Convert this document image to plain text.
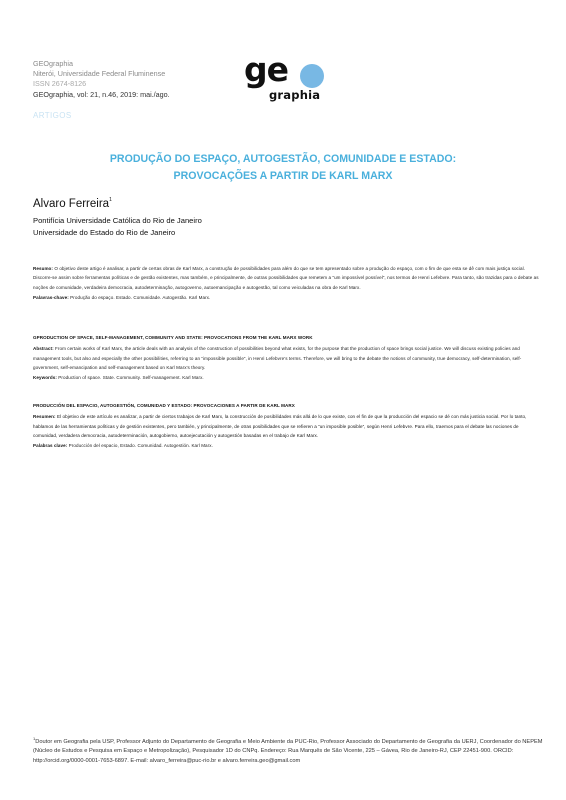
GEOgraphia
Niterói, Universidade Federal Fluminense
ISSN 2674-8126
GEOgraphia, vol: 21, n.46, 2019: mai./ago.
ARTIGOS
ge
graphia
PRODUÇÃO DO ESPAÇO, AUTOGESTÃO, COMUNIDADE E ESTADO:
PROVOCAÇÕES A PARTIR DE KARL MARX
Alvaro Ferreira$^1$
Pontifícia Universidade Católica do Rio de Janeiro
Universidade do Estado do Rio de Janeiro

Resumo: O objetivo deste artigo é analisar, a partir de certas obras de Karl Marx, a construção de possibilidades para além do que se tem apresentado sobre a produção do espaço, com o fim de que esta se dê com mais justiça social. Discorre-se assim sobre ferramentas políticas e de gestão existentes, mas também, e principalmente, de outras possibilidades que remetem a “um impossível possível”, nos termos de Henri Lefebvre. Para tanto, são trazidas para o debate as noções de comunidade, verdadeira democracia, autodeterminação, autogoverno, autoemancipação e autogestão, tal como veiculadas na obra de Karl Marx.

Palavras-chave: Produção do espaço. Estado. Comunidade. Autogestão. Karl Marx.

GPRODUCTION OF SPACE, SELF-MANAGEMENT, COMMUNITY AND STATE: PROVOCATIONS FROM THE KARL MARX WORK

Abstract: From certain works of Karl Marx, the article deals with an analysis of the construction of possibilities beyond what exists, for the purpose that the production of space brings social justice. We will discuss existing policies and management tools, but also and especially the other possibilities, referring to an “impossible possible”, in Henri Lefebvre’s terms. Therefore, we will bring to the debate the notions of community, true democracy, self-determination, self-government, self-emancipation and self-management based on Karl Marx’s theory.

Keywords: Production of space. State. Community. Self-management. Karl Marx.

PRODUCCIÓN DEL ESPACIO, AUTOGESTIÓN, COMUNIDAD Y ESTADO: PROVOCACIONES A PARTIR DE KARL MARX

Resumen: El objetivo de este artículo es analizar, a partir de ciertos trabajos de Karl Marx, la construcción de posibilidades más allá de lo que existe, con el fin de que la producción del espacio se dé con más justicia social. Por lo tanto, hablamos de las herramientas políticas y de gestión existentes, pero también, y principalmente, de otras posibilidades que se refieren a “un imposible posible”, según Henri Lefebvre. Para ello, traemos para el debate las nociones de comunidad, verdadera democracia, autodeterminación, autogobierno, autoejecutación y autogestión basadas en el trabajo de Karl Marx.

Palabras clave: Producción del espacio, Estado. Comunidad. Autogestión. Karl Marx.

$^1$Doutor em Geografia pela USP, Professor Adjunto do Departamento de Geografia e Meio Ambiente da PUC-Rio, Professor Associado do Departamento de Geografia da UERJ, Coordenador do NEPEM (Núcleo de Estudos e Pesquisa em Espaço e Metropolização), Pesquisador 1D do CNPq. Endereço: Rua Marquês de São Vicente, 225 – Gávea, Rio de Janeiro-RJ, CEP 22451-900. ORCID: http://orcid.org/0000-0001-7653-6897. E-mail: alvaro_ferreira@puc-rio.br e alvaro.ferreira.geo@gmail.com
